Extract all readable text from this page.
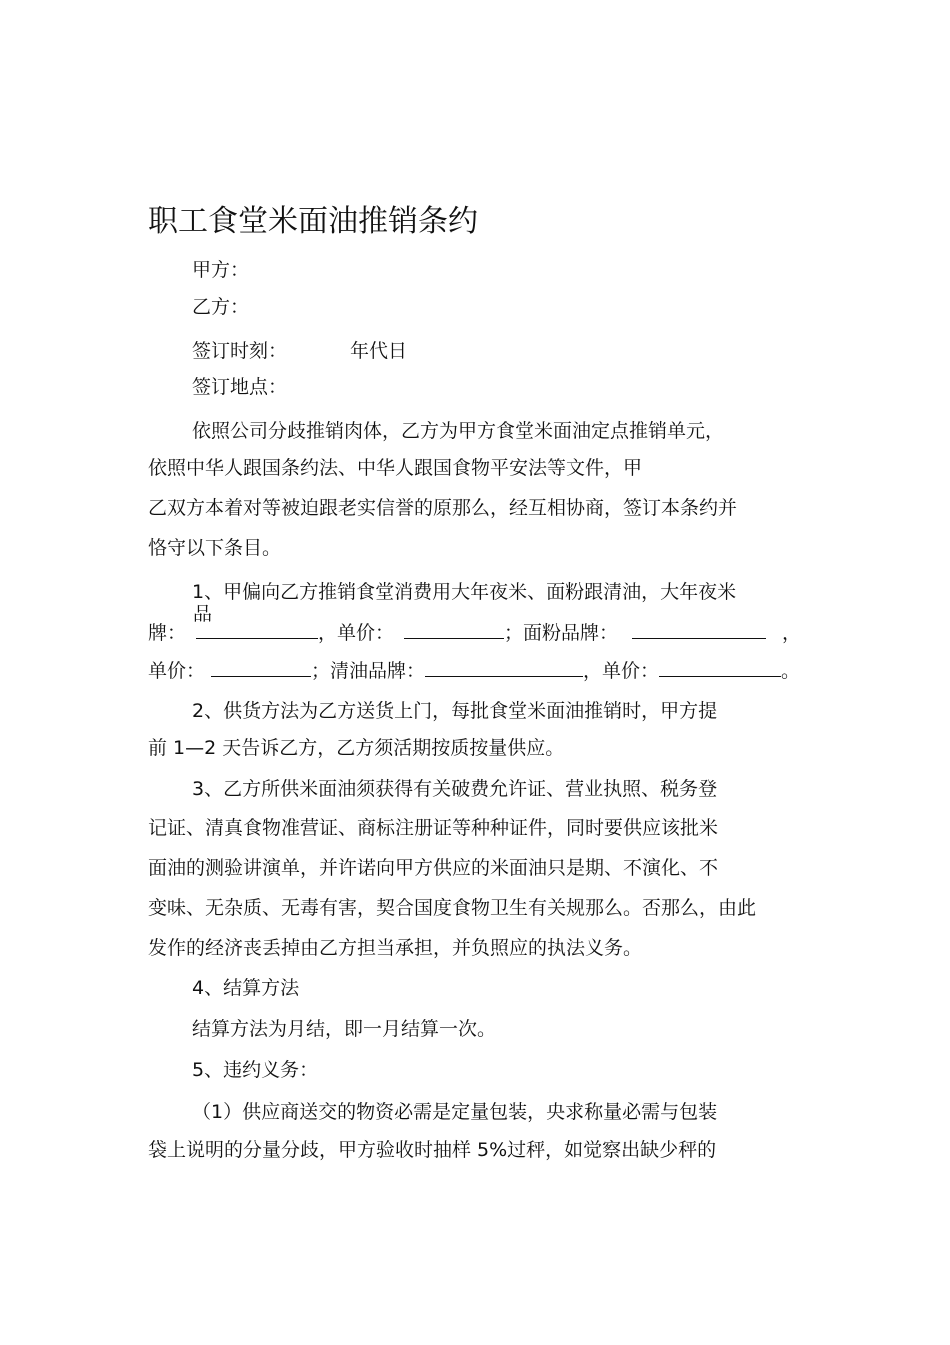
职工食堂米面油推销条约
甲方：
乙方：
签订时刻：	年代日
签订地点：
依照公司分歧推销肉体，乙方为甲方食堂米面油定点推销单元，
依照中华人跟国条约法、中华人跟国食物平安法等文件，甲
乙双方本着对等被迫跟老实信誉的原那么，经互相协商，签订本条约并
恪守以下条目。
1、甲偏向乙方推销食堂消费用大年夜米、面粉跟清油，大年夜米
品
牌：	，单价：	；面粉品牌：	，
单价：	；清油品牌：	，单价：	。
2、供货方法为乙方送货上门，每批食堂米面油推销时，甲方提
前 1—2 天告诉乙方，乙方须活期按质按量供应。
3、乙方所供米面油须获得有关破费允许证、营业执照、税务登
记证、清真食物准营证、商标注册证等种种证件，同时要供应该批米
面油的测验讲演单，并许诺向甲方供应的米面油只是期、不演化、不
变味、无杂质、无毒有害，契合国度食物卫生有关规那么。否那么，由此
发作的经济丧丢掉由乙方担当承担，并负照应的执法义务。
4、结算方法
结算方法为月结，即一月结算一次。
5、违约义务：
（1）供应商送交的物资必需是定量包装，央求称量必需与包装
袋上说明的分量分歧，甲方验收时抽样 5%过秤，如觉察出缺少秤的
